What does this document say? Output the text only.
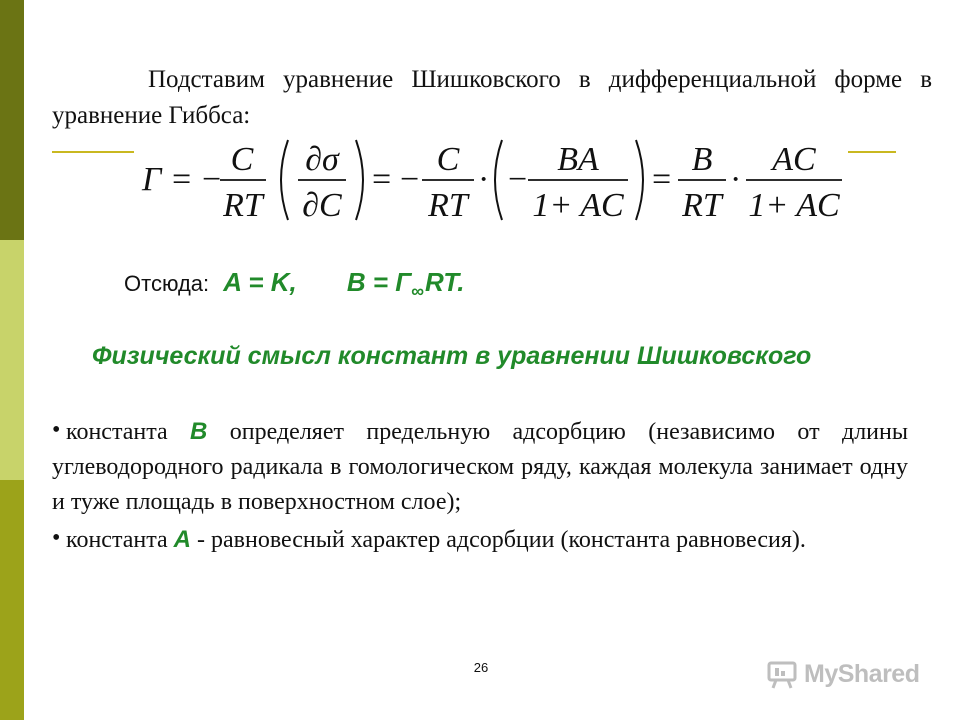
Подставим уравнение Шишковского в дифференциальной форме в уравнение Гиббса:
Γ = −
C
RT
∂σ
∂C
= −
C
RT
· −
BA
1+ AC
=
B
RT
·
AC
1+ AC
Отсюда: A = K, $B = \Gamma_\infty RT$.
Физический смысл констант в уравнении Шишковского
• константа В определяет предельную адсорбцию (независимо от длины углеводородного радикала в гомологическом ряду, каждая молекула занимает одну и туже площадь в поверхностном слое);
• константа А - равновесный характер адсорбции (константа равновесия).
26	MyShared
